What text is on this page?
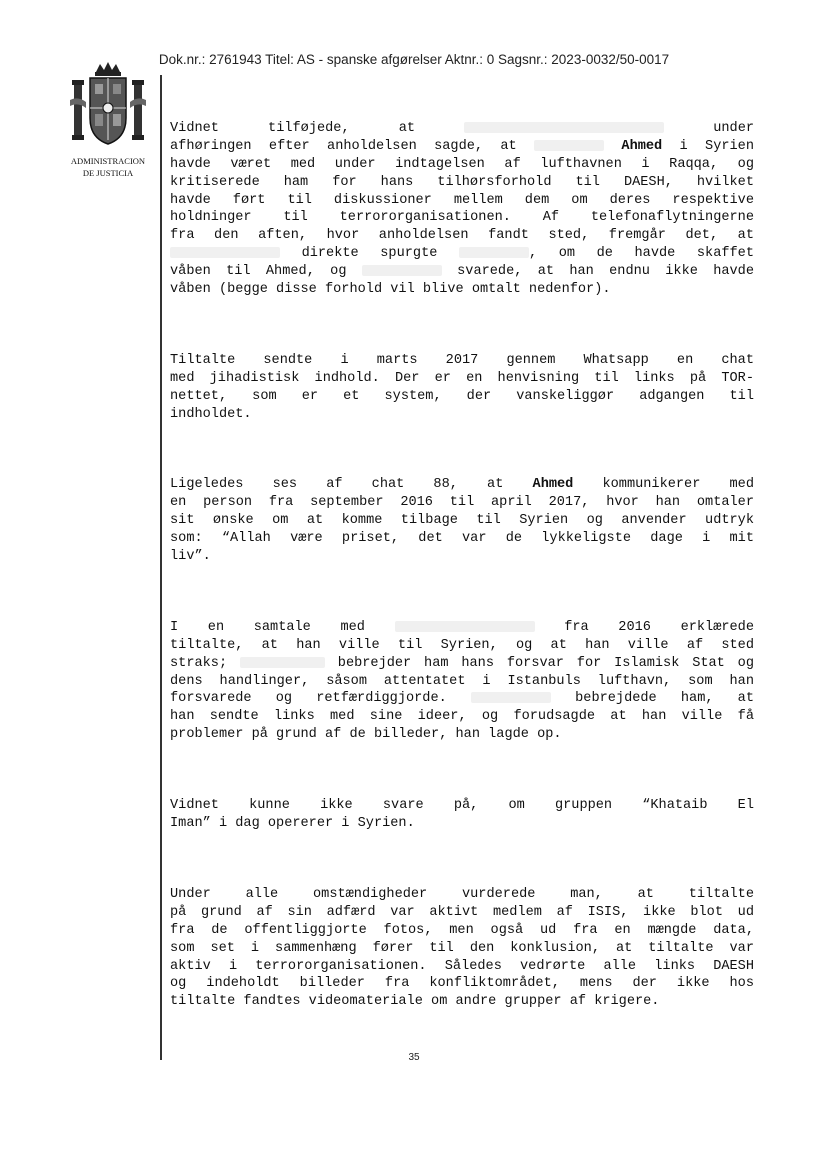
Dok.nr.: 2761943 Titel: AS - spanske afgørelser Aktnr.: 0 Sagsnr.: 2023-0032/50-0017
ADMINISTRACION
DE JUSTICIA
Vidnet tilføjede, at	under
afhøringen efter anholdelsen sagde, at	Ahmed i Syrien
havde været med under indtagelsen af lufthavnen i Raqqa, og
kritiserede ham for hans tilhørsforhold til DAESH, hvilket
havde ført til diskussioner mellem dem om deres respektive
holdninger til terrororganisationen. Af telefonaflytningerne
fra den aften, hvor anholdelsen fandt sted, fremgår det, at
direkte spurgte	, om de havde skaffet
våben til Ahmed, og	svarede, at han endnu ikke havde
våben (begge disse forhold vil blive omtalt nedenfor).
Tiltalte sendte i marts 2017 gennem Whatsapp en chat
med jihadistisk indhold. Der er en henvisning til links på TOR-
nettet, som er et system, der vanskeliggør adgangen til
indholdet.
Ligeledes ses af chat 88, at Ahmed kommunikerer med
en person fra september 2016 til april 2017, hvor han omtaler
sit ønske om at komme tilbage til Syrien og anvender udtryk
som: “Allah være priset, det var de lykkeligste dage i mit
liv”.
I en samtale med	fra 2016 erklærede
tiltalte, at han ville til Syrien, og at han ville af sted
straks;	bebrejder ham hans forsvar for Islamisk Stat og
dens handlinger, såsom attentatet i Istanbuls lufthavn, som han
forsvarede og retfærdiggjorde.	bebrejdede ham, at
han sendte links med sine ideer, og forudsagde at han ville få
problemer på grund af de billeder, han lagde op.
Vidnet kunne ikke svare på, om gruppen “Khataib El
Iman” i dag opererer i Syrien.
Under alle omstændigheder vurderede man, at tiltalte
på grund af sin adfærd var aktivt medlem af ISIS, ikke blot ud
fra de offentliggjorte fotos, men også ud fra en mængde data,
som set i sammenhæng fører til den konklusion, at tiltalte var
aktiv i terrororganisationen. Således vedrørte alle links DAESH
og indeholdt billeder fra konfliktområdet, mens der ikke hos
tiltalte fandtes videomateriale om andre grupper af krigere.
35
